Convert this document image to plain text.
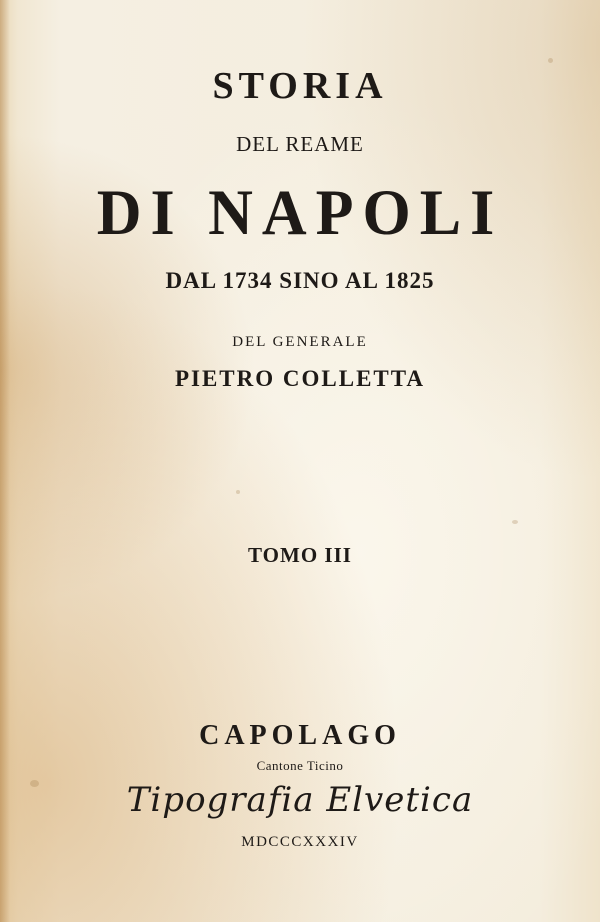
STORIA
DEL REAME
DI NAPOLI
DAL 1734 SINO AL 1825
DEL GENERALE
PIETRO COLLETTA
TOMO III
CAPOLAGO
Cantone Ticino
Tipografia Elvetica
MDCCCXXXIV
